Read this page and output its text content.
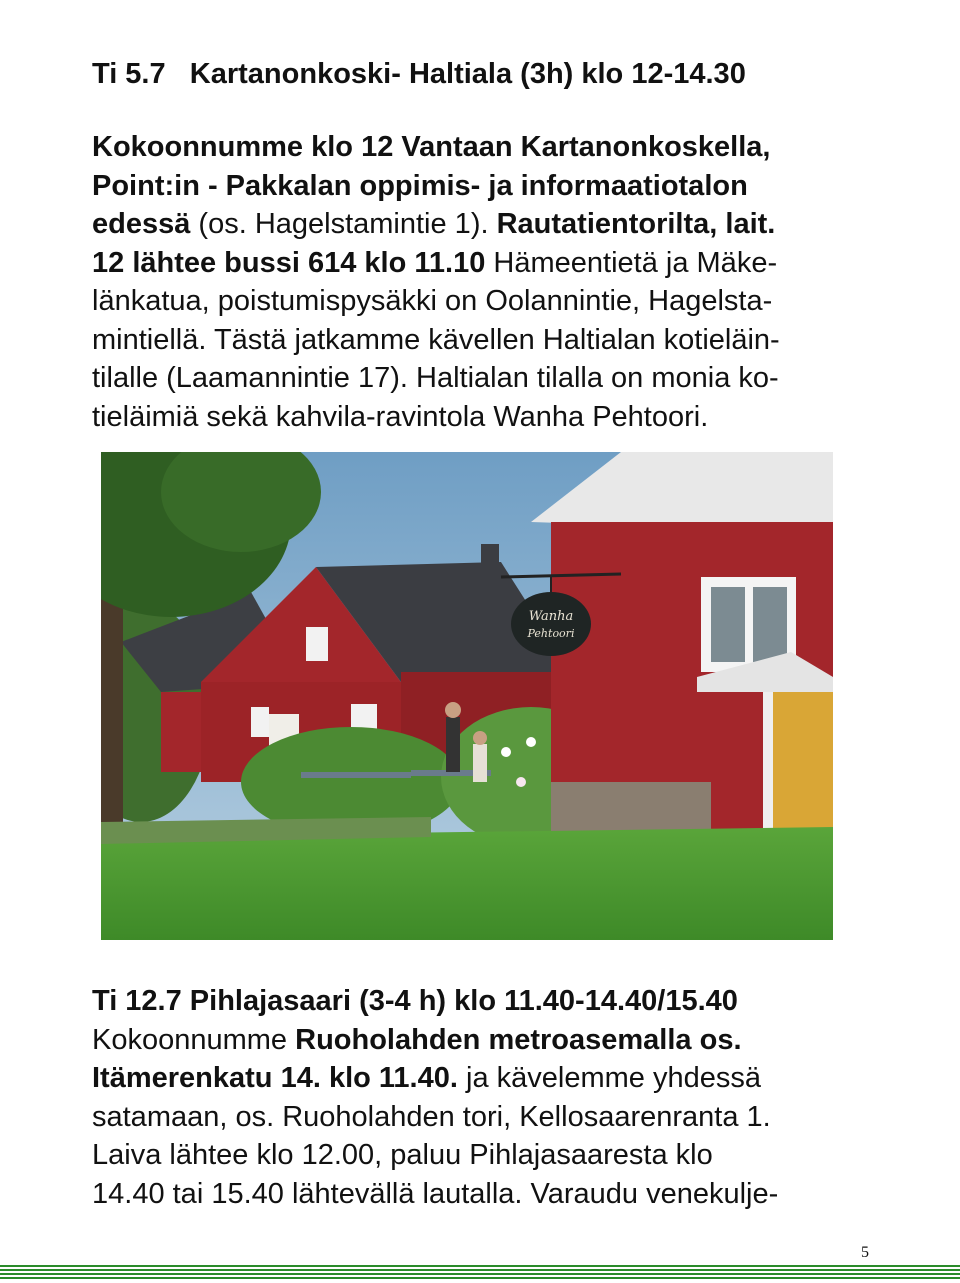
Ti 5.7   Kartanonkoski- Haltiala (3h) klo 12-14.30
Kokoonnumme klo 12 Vantaan Kartanonkoskella,
Point:in - Pakkalan oppimis- ja informaatiotalon
edessä (os. Hagelstamintie 1). Rautatientorilta, lait.
12 lähtee bussi 614 klo 11.10 Hämeentietä ja Mäke-
länkatua, poistumispysäkki on Oolannintie, Hagelsta-
mintiellä. Tästä jatkamme kävellen Haltialan kotieläin-
tilalle (Laamannintie 17). Haltialan tilalla on monia ko-
tieläimiä sekä kahvila-ravintola Wanha Pehtoori.
Wanha
Pehtoori
Ti 12.7 Pihlajasaari (3-4 h) klo 11.40-14.40/15.40
Kokoonnumme Ruoholahden metroasemalla os.
Itämerenkatu 14. klo 11.40. ja kävelemme yhdessä
satamaan, os. Ruoholahden tori, Kellosaarenranta 1.
Laiva lähtee klo 12.00, paluu Pihlajasaaresta klo
14.40 tai 15.40 lähtevällä lautalla. Varaudu venekulje-
5
